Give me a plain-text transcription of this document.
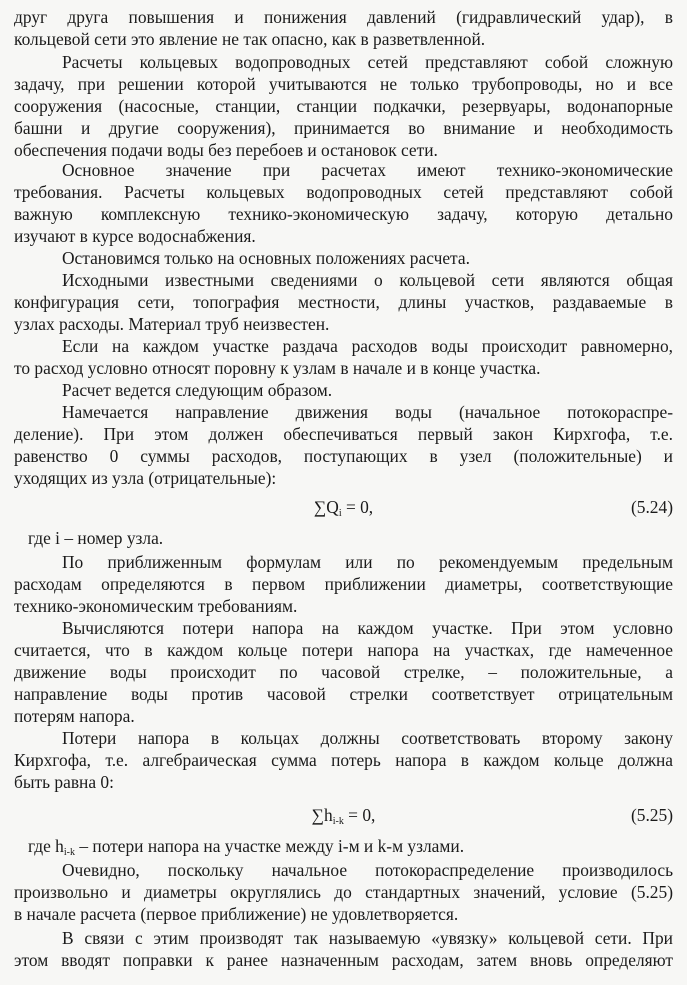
друг друга повышения и понижения давлений (гидравлический удар), в
кольцевой сети это явление не так опасно, как в разветвленной.
Расчеты кольцевых водопроводных сетей представляют собой сложную
задачу, при решении которой учитываются не только трубопроводы, но и все
сооружения (насосные, станции, станции подкачки, резервуары, водонапорные
башни и другие сооружения), принимается во внимание и необходимость
обеспечения подачи воды без перебоев и остановок сети.
Основное значение при расчетах имеют технико-экономические
требования. Расчеты кольцевых водопроводных сетей представляют собой
важную комплексную технико-экономическую задачу, которую детально
изучают в курсе водоснабжения.
Остановимся только на основных положениях расчета.
Исходными известными сведениями о кольцевой сети являются общая
конфигурация сети, топография местности, длины участков, раздаваемые в
узлах расходы. Материал труб неизвестен.
Если на каждом участке раздача расходов воды происходит равномерно,
то расход условно относят поровну к узлам в начале и в конце участка.
Расчет ведется следующим образом.
Намечается направление движения воды (начальное потокораспре-
деление). При этом должен обеспечиваться первый закон Кирхгофа, т.е.
равенство 0 суммы расходов, поступающих в узел (положительные) и
уходящих из узла (отрицательные):
$\sum Q_i = 0$,	(5.24)
где i – номер узла.
По приближенным формулам или по рекомендуемым предельным
расходам определяются в первом приближении диаметры, соответствующие
технико-экономическим требованиям.
Вычисляются потери напора на каждом участке. При этом условно
считается, что в каждом кольце потери напора на участках, где намеченное
движение воды происходит по часовой стрелке, – положительные, а
направление воды против часовой стрелки соответствует отрицательным
потерям напора.
Потери напора в кольцах должны соответствовать второму закону
Кирхгофа, т.е. алгебраическая сумма потерь напора в каждом кольце должна
быть равна 0:
$\sum h_{i-k} = 0$,	(5.25)
где $h_{i-k}$ – потери напора на участке между i-м и k-м узлами.
Очевидно, поскольку начальное потокораспределение производилось
произвольно и диаметры округлялись до стандартных значений, условие (5.25)
в начале расчета (первое приближение) не удовлетворяется.
В связи с этим производят так называемую «увязку» кольцевой сети. При
этом вводят поправки к ранее назначенным расходам, затем вновь определяют
